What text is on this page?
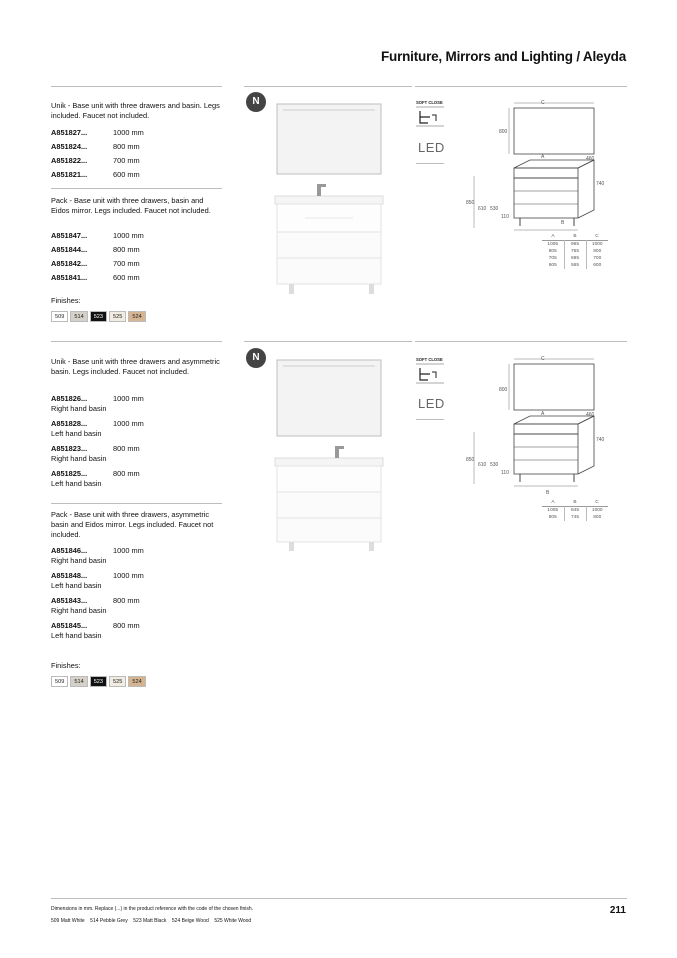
Furniture, Mirrors and Lighting / Aleyda
Unik - Base unit with three drawers and basin. Legs included. Faucet not included.
A851827...	1000 mm
A851824...	800 mm
A851822...	700 mm
A851821...	600 mm
Pack - Base unit with three drawers, basin and Eidos mirror. Legs included. Faucet not included.
A851847...	1000 mm
A851844...	800 mm
A851842...	700 mm
A851841...	600 mm
Finishes:
509	514	523	525	524
N	SOFT CLOSE
LED
C
800
A	460
740
850
610 530
110
B
A	B	C
1005	965	1000
805	765	800
705	695	700
605	565	600
Unik - Base unit with three drawers and asymmetric basin. Legs included. Faucet not included.
A851826...	1000 mm
Right hand basin
A851828...	1000 mm
Left hand basin
A851823...	800 mm
Right hand basin
A851825...	800 mm
Left hand basin
Pack - Base unit with three drawers, asymmetric basin and Eidos mirror. Legs included. Faucet not included.
A851846...	1000 mm
Right hand basin
A851848...	1000 mm
Left hand basin
A851843...	800 mm
Right hand basin
A851845...	800 mm
Left hand basin
Finishes:
509	514	523	525	524
N	SOFT CLOSE
LED
C
800
A	460
740
850
610 530
110
B
A	B	C
1005	845	1000
805	745	800
Dimensions in mm. Replace (...) in the product reference with the code of the chosen finish.
509 Matt White    514 Pebble Grey    523 Matt Black    524 Beige Wood    525 White Wood
211
